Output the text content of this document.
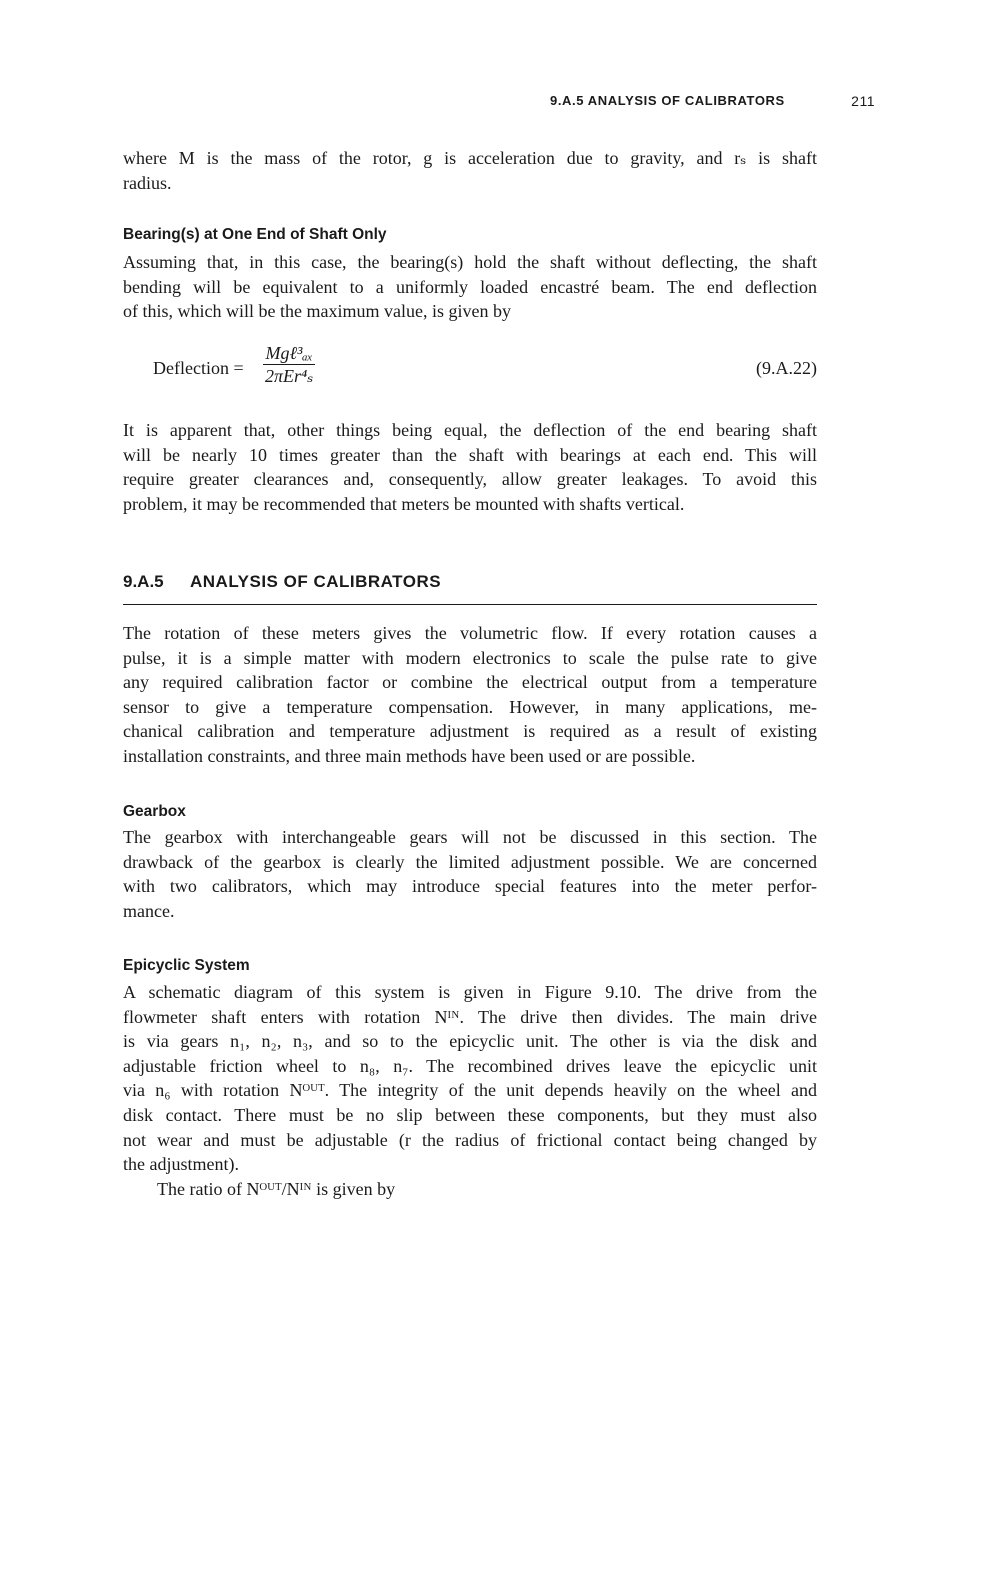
9.A.5 ANALYSIS OF CALIBRATORS	211

where M is the mass of the rotor, g is acceleration due to gravity, and rₛ is shaft
radius.

Bearing(s) at One End of Shaft Only

Assuming that, in this case, the bearing(s) hold the shaft without deflecting, the shaft
bending will be equivalent to a uniformly loaded encastré beam. The end deflection
of this, which will be the maximum value, is given by

Deflection =
Mgℓ³ₐₓ
2πEr⁴ₛ	(9.A.22)

It is apparent that, other things being equal, the deflection of the end bearing shaft
will be nearly 10 times greater than the shaft with bearings at each end. This will
require greater clearances and, consequently, allow greater leakages. To avoid this
problem, it may be recommended that meters be mounted with shafts vertical.

9.A.5 ANALYSIS OF CALIBRATORS

The rotation of these meters gives the volumetric flow. If every rotation causes a
pulse, it is a simple matter with modern electronics to scale the pulse rate to give
any required calibration factor or combine the electrical output from a temperature
sensor to give a temperature compensation. However, in many applications, me-
chanical calibration and temperature adjustment is required as a result of existing
installation constraints, and three main methods have been used or are possible.

Gearbox

The gearbox with interchangeable gears will not be discussed in this section. The
drawback of the gearbox is clearly the limited adjustment possible. We are concerned
with two calibrators, which may introduce special features into the meter perfor-
mance.

Epicyclic System

A schematic diagram of this system is given in Figure 9.10. The drive from the
flowmeter shaft enters with rotation Nᴵᴺ. The drive then divides. The main drive
is via gears n₁, n₂, n₃, and so to the epicyclic unit. The other is via the disk and
adjustable friction wheel to n₈, n₇. The recombined drives leave the epicyclic unit
via n₆ with rotation Nᴼᵁᵀ. The integrity of the unit depends heavily on the wheel and
disk contact. There must be no slip between these components, but they must also
not wear and must be adjustable (r the radius of frictional contact being changed by
the adjustment).
The ratio of Nᴼᵁᵀ/Nᴵᴺ is given by
